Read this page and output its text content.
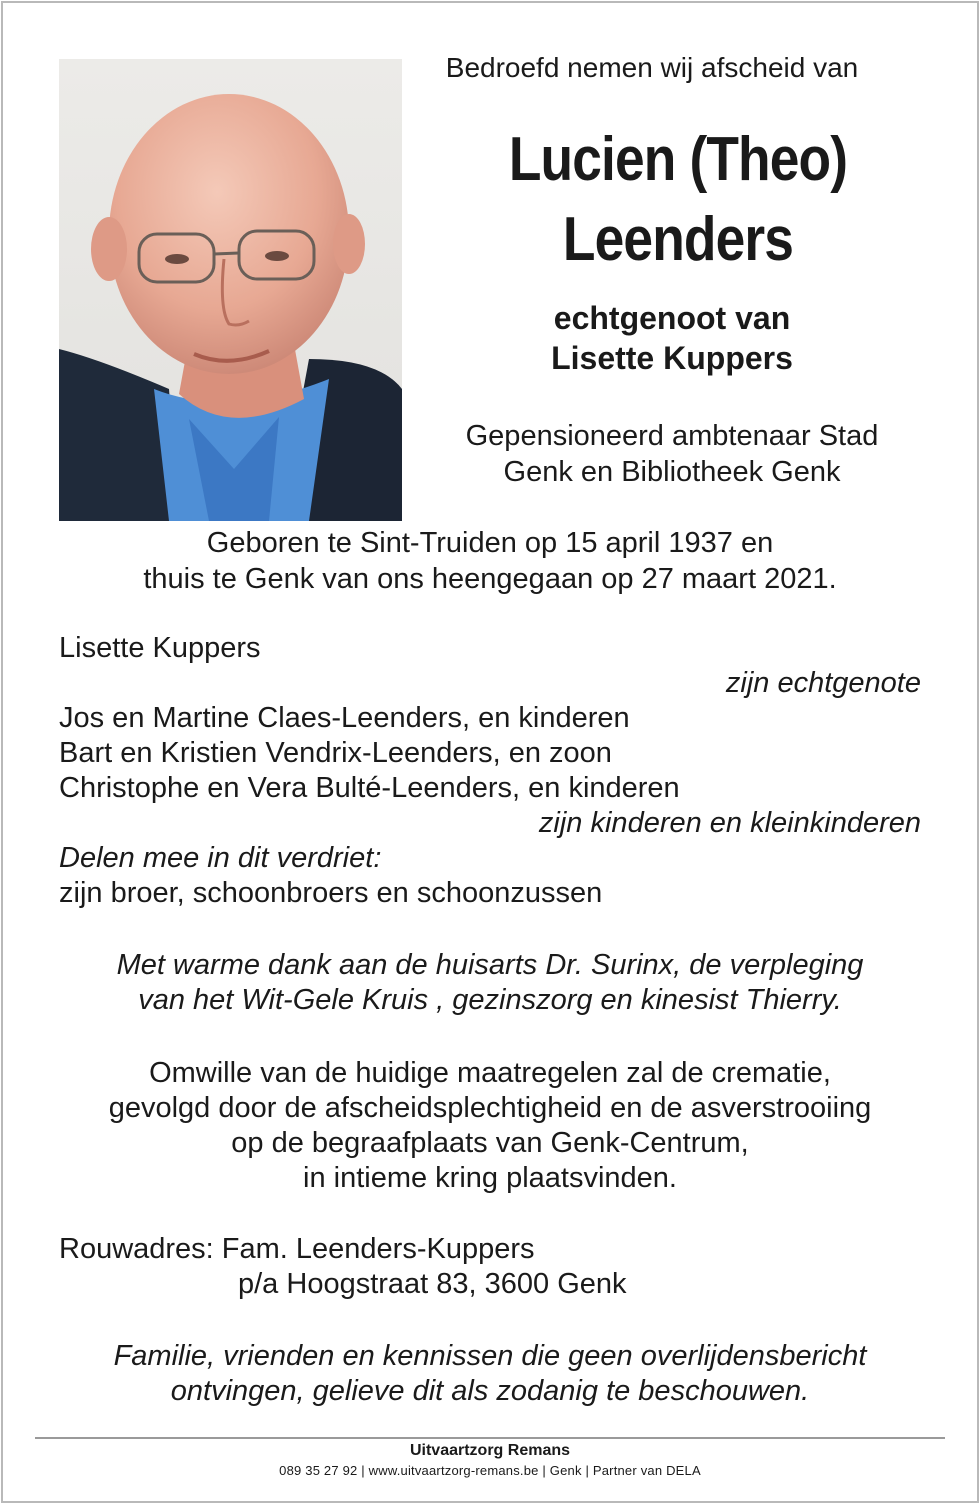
Bedroefd nemen wij afscheid van
Lucien (Theo)
Leenders
echtgenoot van
Lisette Kuppers
Gepensioneerd ambtenaar Stad
Genk en Bibliotheek Genk
Geboren te Sint-Truiden op 15 april 1937 en
thuis te Genk van ons heengegaan op 27 maart 2021.
Lisette Kuppers
zijn echtgenote
Jos en Martine Claes-Leenders, en kinderen
Bart en Kristien Vendrix-Leenders, en zoon
Christophe en Vera Bulté-Leenders, en kinderen
zijn kinderen en kleinkinderen
Delen mee in dit verdriet:
zijn broer, schoonbroers en schoonzussen
Met warme dank aan de huisarts Dr. Surinx, de verpleging
van het Wit-Gele Kruis , gezinszorg en kinesist Thierry.
Omwille van de huidige maatregelen zal de crematie,
gevolgd door de afscheidsplechtigheid en de asverstrooiing
op de begraafplaats van Genk-Centrum,
in intieme kring plaatsvinden.
Rouwadres: Fam. Leenders-Kuppers
p/a Hoogstraat 83, 3600 Genk
Familie, vrienden en kennissen die geen overlijdensbericht
ontvingen, gelieve dit als zodanig te beschouwen.
Uitvaartzorg Remans
089 35 27 92 | www.uitvaartzorg-remans.be | Genk | Partner van DELA
